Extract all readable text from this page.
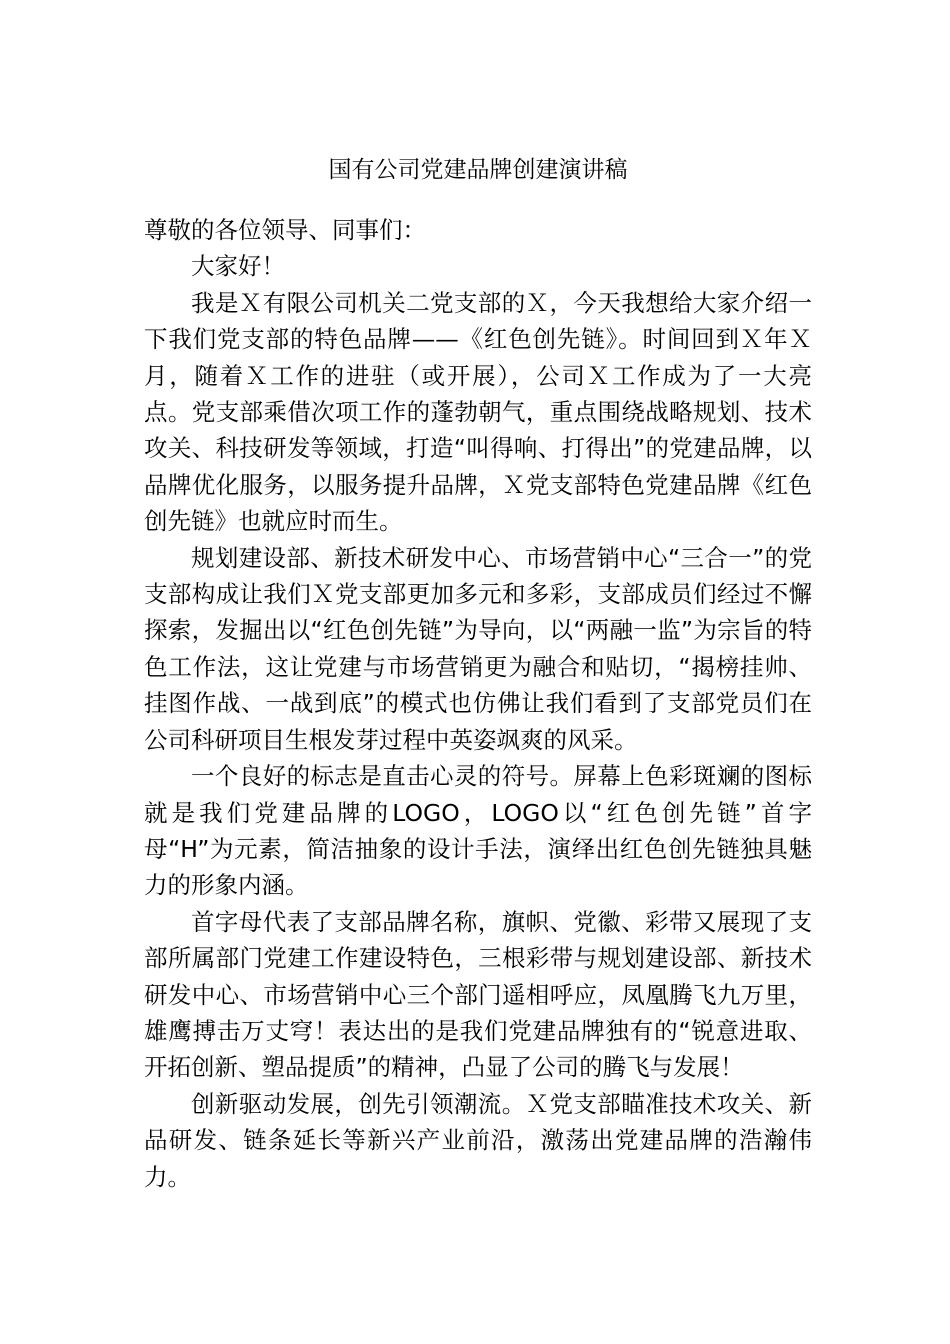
国有公司党建品牌创建演讲稿

尊敬的各位领导、同事们：

大家好！

我是Ｘ有限公司机关二党支部的Ｘ，今天我想给大家介绍一下我们党支部的特色品牌——《红色创先链》。时间回到Ｘ年Ｘ月，随着Ｘ工作的进驻（或开展），公司Ｘ工作成为了一大亮点。党支部乘借次项工作的蓬勃朝气，重点围绕战略规划、技术攻关、科技研发等领域，打造“叫得响、打得出”的党建品牌，以品牌优化服务，以服务提升品牌，Ｘ党支部特色党建品牌《红色创先链》也就应时而生。

规划建设部、新技术研发中心、市场营销中心“三合一”的党支部构成让我们Ｘ党支部更加多元和多彩，支部成员们经过不懈探索，发掘出以“红色创先链”为导向，以“两融一监”为宗旨的特色工作法，这让党建与市场营销更为融合和贴切，“揭榜挂帅、挂图作战、一战到底”的模式也仿佛让我们看到了支部党员们在公司科研项目生根发芽过程中英姿飒爽的风采。

一个良好的标志是直击心灵的符号。屏幕上色彩斑斓的图标就是我们党建品牌的LOGO，LOGO以“红色创先链”首字母“H”为元素，简洁抽象的设计手法，演绎出红色创先链独具魅力的形象内涵。

首字母代表了支部品牌名称，旗帜、党徽、彩带又展现了支部所属部门党建工作建设特色，三根彩带与规划建设部、新技术研发中心、市场营销中心三个部门遥相呼应，凤凰腾飞九万里，雄鹰搏击万丈穹！表达出的是我们党建品牌独有的“锐意进取、开拓创新、塑品提质”的精神，凸显了公司的腾飞与发展！

创新驱动发展，创先引领潮流。Ｘ党支部瞄准技术攻关、新品研发、链条延长等新兴产业前沿，激荡出党建品牌的浩瀚伟力。
